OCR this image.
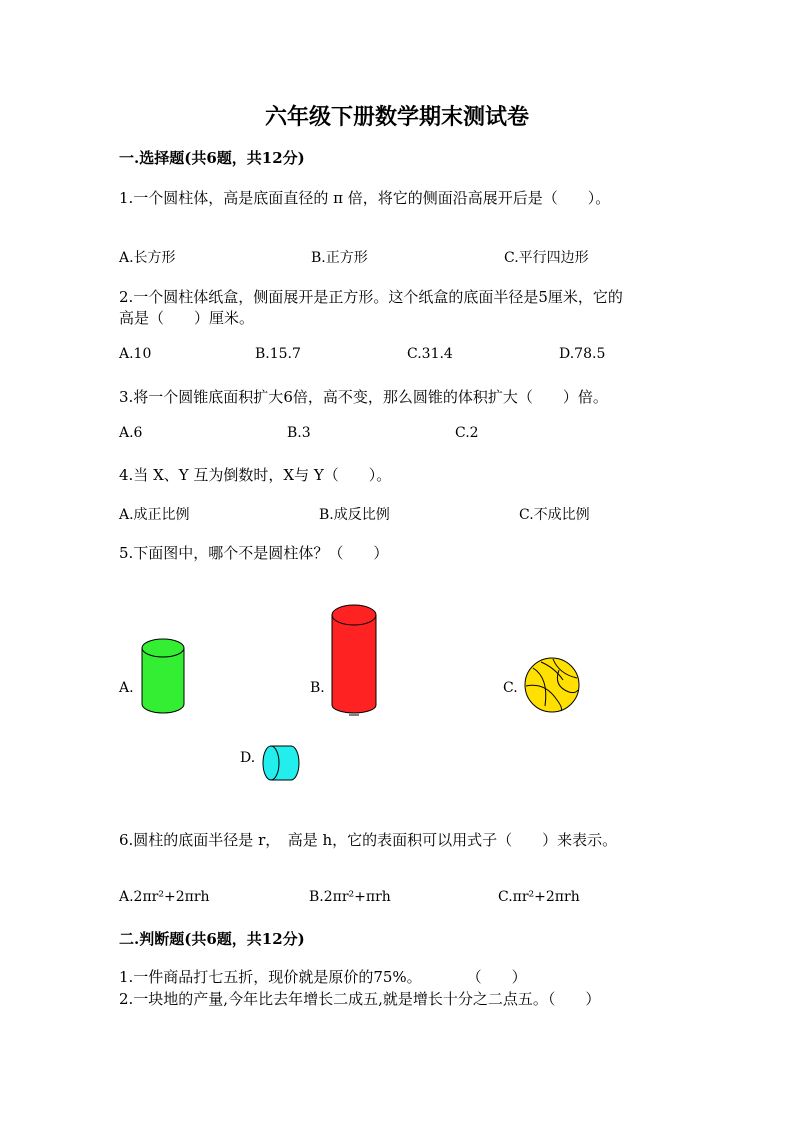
六年级下册数学期末测试卷
一.选择题(共6题，共12分)
1.一个圆柱体，高是底面直径的 π 倍，将它的侧面沿高展开后是（　　）。
A.长方形	B.正方形	C.平行四边形
2.一个圆柱体纸盒，侧面展开是正方形。这个纸盒的底面半径是5厘米，它的
高是（　　）厘米。
A.10	B.15.7	C.31.4	D.78.5
3.将一个圆锥底面积扩大6倍，高不变，那么圆锥的体积扩大（　　）倍。
A.6	B.3	C.2
4.当 X、Y 互为倒数时，X与 Y（　　）。
A.成正比例	B.成反比例	C.不成比例
5.下面图中，哪个不是圆柱体？（　　）
A.	B.	C.
D.
6.圆柱的底面半径是 r，　高是 h，它的表面积可以用式子（　　）来表示。
A.2πr²+2πrh	B.2πr²+πrh	C.πr²+2πrh
二.判断题(共6题，共12分)
1.一件商品打七五折，现价就是原价的75%。　　　　（　　）
2.一块地的产量,今年比去年增长二成五,就是增长十分之二点五。（　　）
